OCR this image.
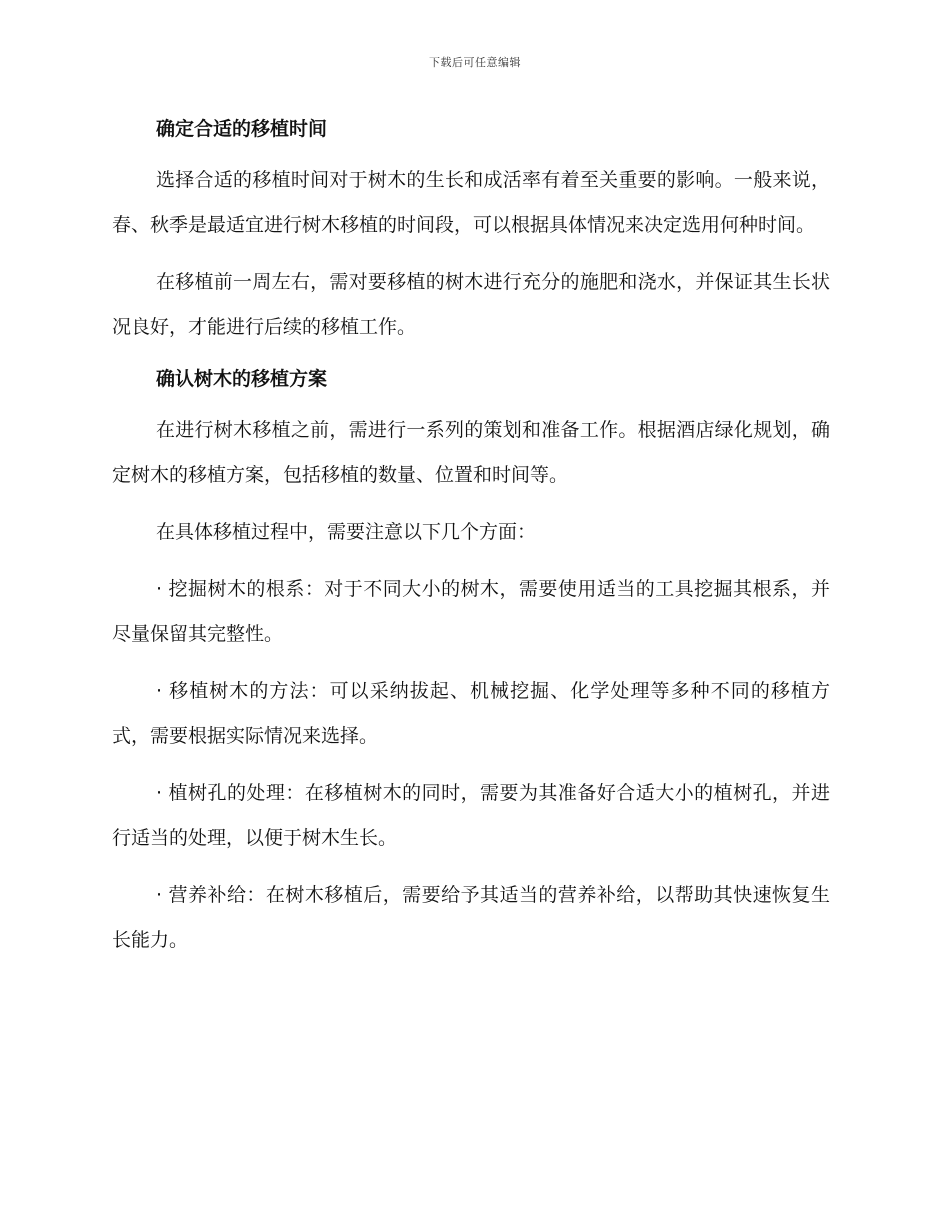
下载后可任意编辑
确定合适的移植时间

选择合适的移植时间对于树木的生长和成活率有着至关重要的影响。一般来说，春、秋季是最适宜进行树木移植的时间段，可以根据具体情况来决定选用何种时间。

在移植前一周左右，需对要移植的树木进行充分的施肥和浇水，并保证其生长状况良好，才能进行后续的移植工作。

确认树木的移植方案

在进行树木移植之前，需进行一系列的策划和准备工作。根据酒店绿化规划，确定树木的移植方案，包括移植的数量、位置和时间等。

在具体移植过程中，需要注意以下几个方面：

· 挖掘树木的根系：对于不同大小的树木，需要使用适当的工具挖掘其根系，并尽量保留其完整性。

· 移植树木的方法：可以采纳拔起、机械挖掘、化学处理等多种不同的移植方式，需要根据实际情况来选择。

· 植树孔的处理：在移植树木的同时，需要为其准备好合适大小的植树孔，并进行适当的处理，以便于树木生长。

· 营养补给：在树木移植后，需要给予其适当的营养补给，以帮助其快速恢复生长能力。
